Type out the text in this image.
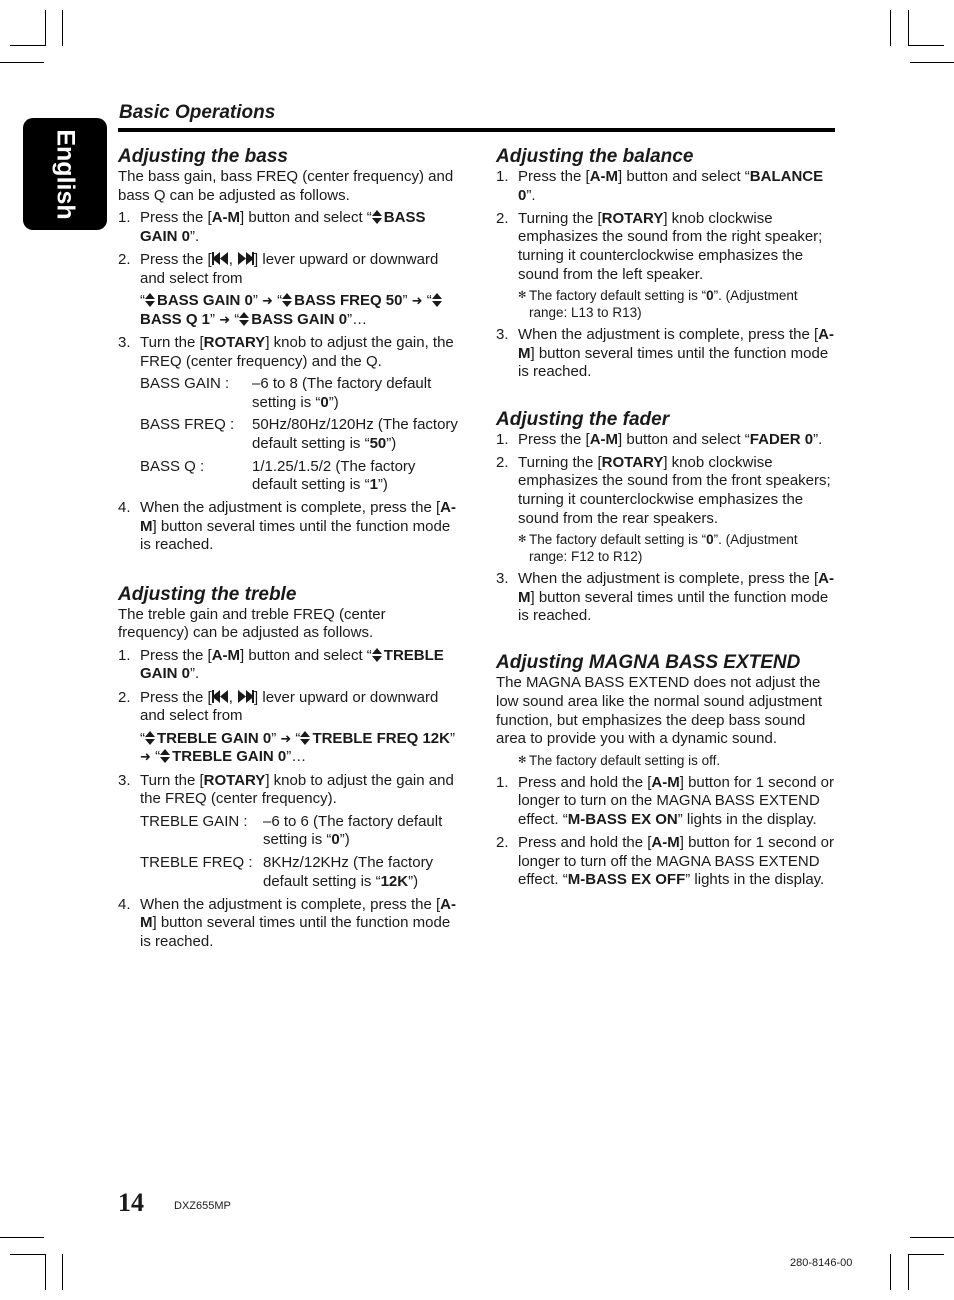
English
Basic Operations
Adjusting the bass

The bass gain, bass FREQ (center frequency) and bass Q can be adjusted as follows.

1. Press the [A-M] button and select “ BASS GAIN 0”.
2. Press the [ , ] lever upward or downward and select from
“ BASS GAIN 0” ➜ “ BASS FREQ 50” ➜ “BASS Q 1” ➜ “ BASS GAIN 0”…
3. Turn the [ROTARY] knob to adjust the gain, the FREQ (center frequency) and the Q.
BASS GAIN :	–6 to 8 (The factory default setting is “0”)
BASS FREQ :	50Hz/80Hz/120Hz (The factory default setting is “50”)
BASS Q :	1/1.25/1.5/2 (The factory default setting is “1”)
4. When the adjustment is complete, press the [A-M] button several times until the function mode is reached.
Adjusting the treble

The treble gain and treble FREQ (center frequency) can be adjusted as follows.

1. Press the [A-M] button and select “ TREBLE GAIN 0”.
2. Press the [ , ] lever upward or downward and select from
“ TREBLE GAIN 0” ➜ “ TREBLE FREQ 12K” ➜ “ TREBLE GAIN 0”…
3. Turn the [ROTARY] knob to adjust the gain and the FREQ (center frequency).
TREBLE GAIN :	–6 to 6 (The factory default setting is “0”)
TREBLE FREQ : 8KHz/12KHz (The factory default setting is “12K”)
4. When the adjustment is complete, press the [A-M] button several times until the function mode is reached.
Adjusting the balance
1. Press the [A-M] button and select “BALANCE 0”.
2. Turning the [ROTARY] knob clockwise emphasizes the sound from the right speaker; turning it counterclockwise emphasizes the sound from the left speaker.
✻ The factory default setting is “0”. (Adjustment range: L13 to R13)
3. When the adjustment is complete, press the [A-M] button several times until the function mode is reached.
Adjusting the fader
1. Press the [A-M] button and select “FADER 0”.
2. Turning the [ROTARY] knob clockwise emphasizes the sound from the front speakers; turning it counterclockwise emphasizes the sound from the rear speakers.
✻ The factory default setting is “0”. (Adjustment range: F12 to R12)
3. When the adjustment is complete, press the [A-M] button several times until the function mode is reached.
Adjusting MAGNA BASS EXTEND

The MAGNA BASS EXTEND does not adjust the low sound area like the normal sound adjustment function, but emphasizes the deep bass sound area to provide you with a dynamic sound.

✻ The factory default setting is off.
1. Press and hold the [A-M] button for 1 second or longer to turn on the MAGNA BASS EXTEND effect. “M-BASS EX ON” lights in the display.
2. Press and hold the [A-M] button for 1 second or longer to turn off the MAGNA BASS EXTEND effect. “M-BASS EX OFF” lights in the display.
14	DXZ655MP
280-8146-00
